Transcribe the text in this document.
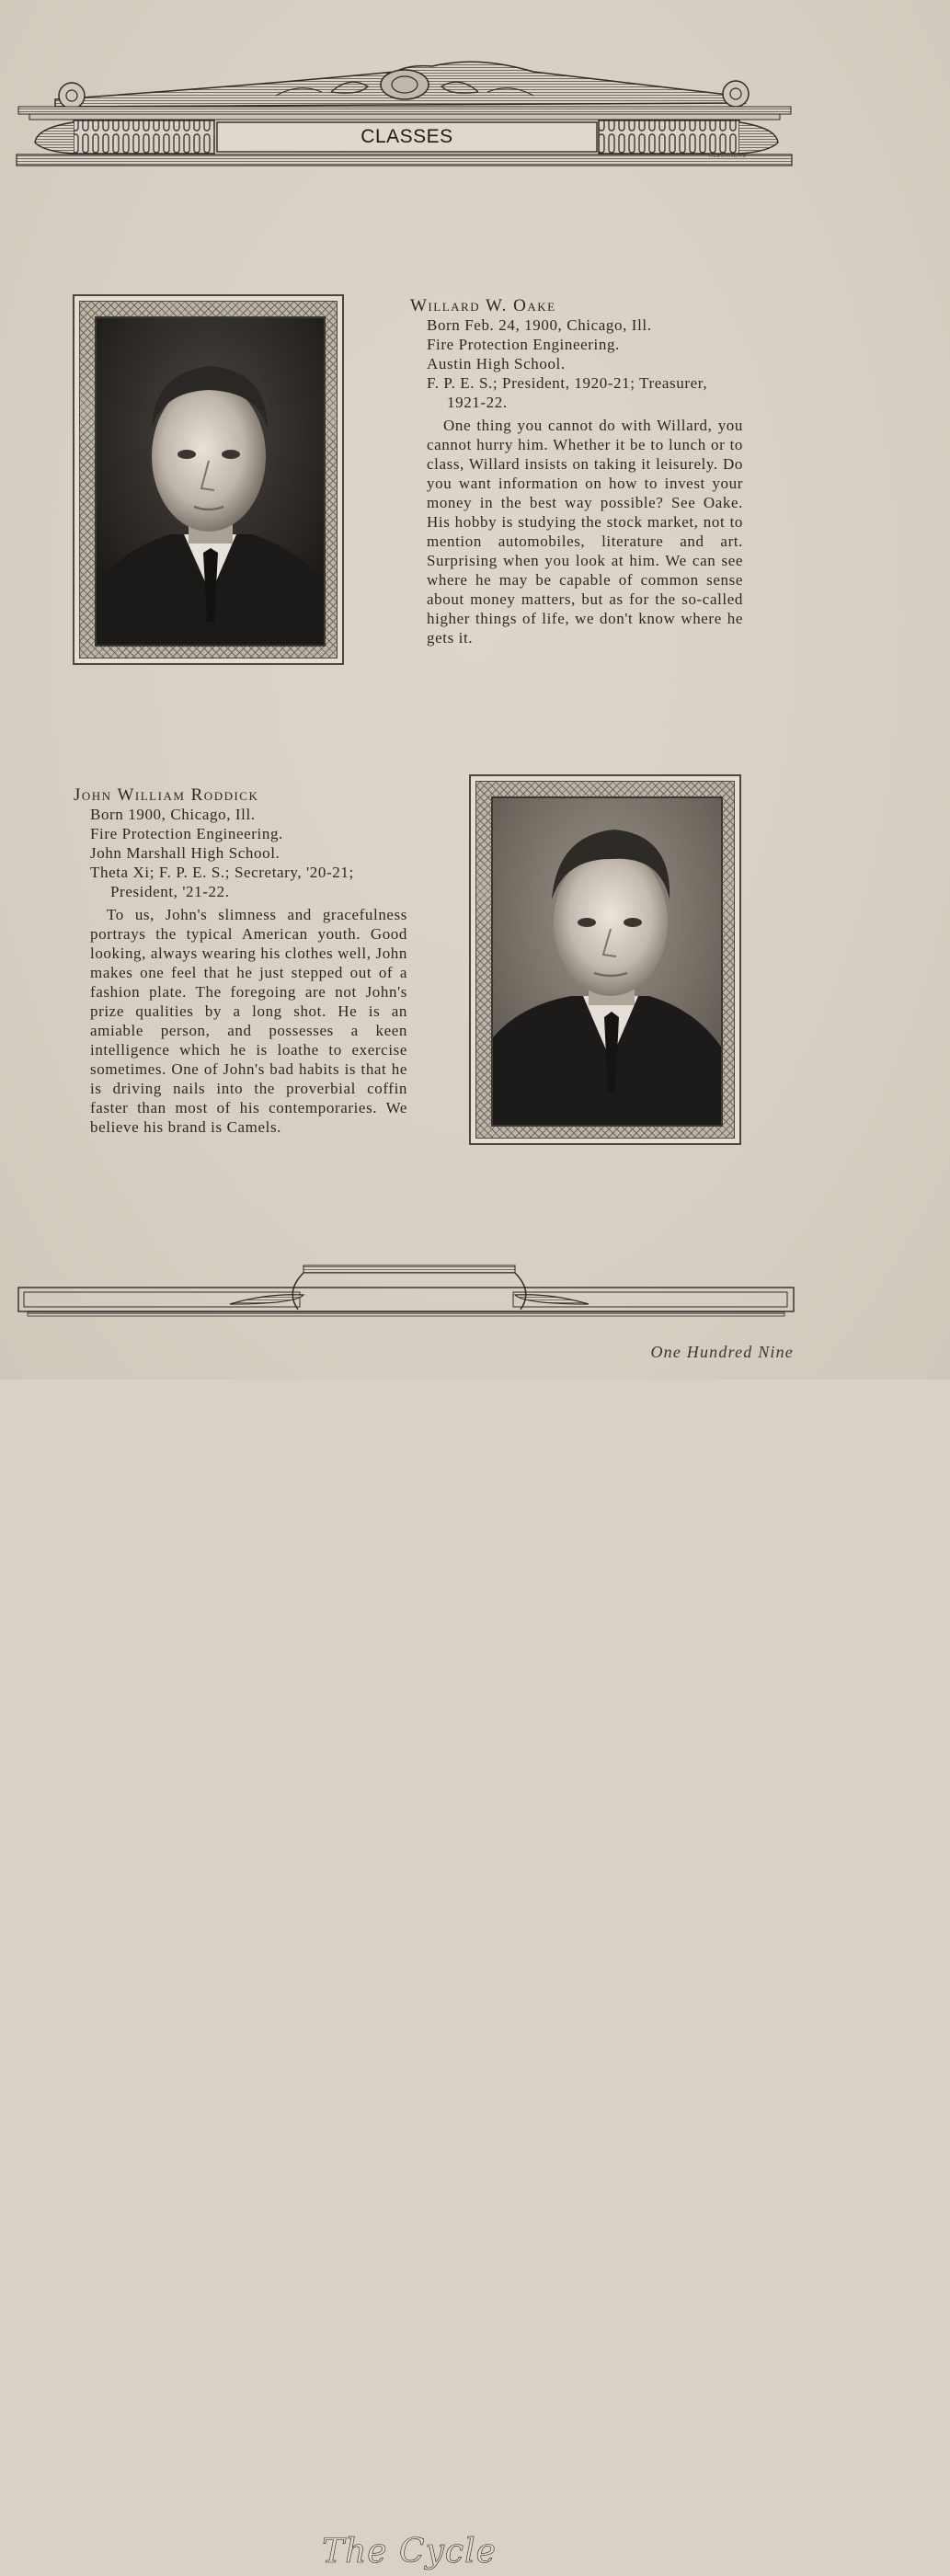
CLASSES
ALEXANDRE
Willard W. Oake

Born Feb. 24, 1900, Chicago, Ill.

Fire Protection Engineering.

Austin High School.

F. P. E. S.; President, 1920-21; Treasurer, 1921-22.

One thing you cannot do with Willard, you cannot hurry him. Whether it be to lunch or to class, Willard insists on taking it leisurely. Do you want information on how to invest your money in the best way possible? See Oake. His hobby is studying the stock market, not to mention automobiles, literature and art. Surprising when you look at him. We can see where he may be capable of common sense about money matters, but as for the so-called higher things of life, we don't know where he gets it.

John William Roddick

Born 1900, Chicago, Ill.

Fire Protection Engineering.

John Marshall High School.

Theta Xi; F. P. E. S.; Secretary, '20-21; President, '21-22.

To us, John's slimness and gracefulness portrays the typical American youth. Good looking, always wearing his clothes well, John makes one feel that he just stepped out of a fashion plate. The foregoing are not John's prize qualities by a long shot. He is an amiable person, and possesses a keen intelligence which he is loathe to exercise sometimes. One of John's bad habits is that he is driving nails into the proverbial coffin faster than most of his contemporaries. We believe his brand is Camels.

The Cycle
One Hundred Nine
